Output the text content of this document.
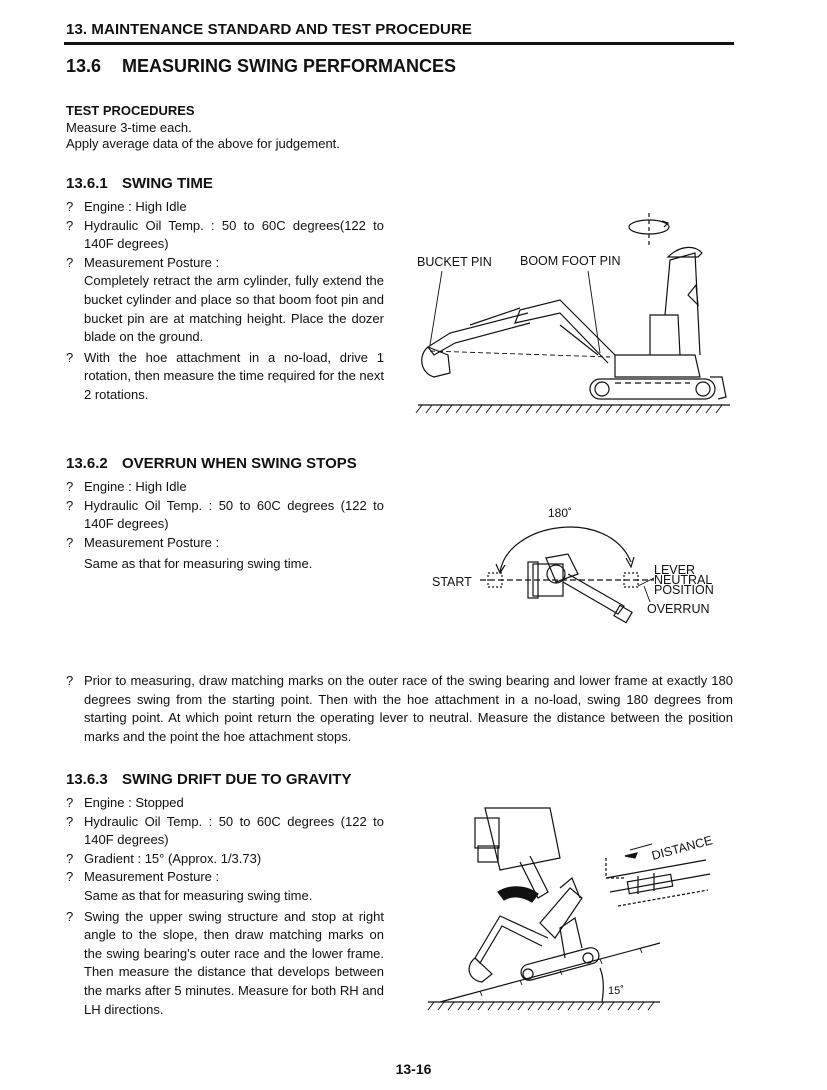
13. MAINTENANCE STANDARD AND TEST PROCEDURE
13.6 MEASURING SWING PERFORMANCES
TEST PROCEDURES
Measure 3-time each.
Apply average data of the above for judgement.
13.6.1 SWING TIME

? Engine : High Idle

? Hydraulic Oil Temp. : 50 to 60C degrees(122 to 140F degrees)

? Measurement Posture :

Completely retract the arm cylinder, fully extend the bucket cylinder and place so that boom foot pin and bucket pin are at matching height. Place the dozer blade on the ground.

? With the hoe attachment in a no-load, drive 1 rotation, then measure the time required for the next 2 rotations.

BUCKET PIN BOOM FOOT PIN
13.6.2 OVERRUN WHEN SWING STOPS

? Engine : High Idle

? Hydraulic Oil Temp. : 50 to 60C degrees (122 to 140F degrees)

? Measurement Posture :

Same as that for measuring swing time.

180˚
START
LEVER
NEUTRAL
POSITION
OVERRUN

? Prior to measuring, draw matching marks on the outer race of the swing bearing and lower frame at exactly 180 degrees swing from the starting point. Then with the hoe attachment in a no-load, swing 180 degrees from starting point. At which point return the operating lever to neutral. Measure the distance between the position marks and the point the hoe attachment stops.

13.6.3 SWING DRIFT DUE TO GRAVITY

? Engine : Stopped

? Hydraulic Oil Temp. : 50 to 60C degrees (122 to 140F degrees)

? Gradient : 15° (Approx. 1/3.73)

? Measurement Posture :

Same as that for measuring swing time.

? Swing the upper swing structure and stop at right angle to the slope, then draw matching marks on the swing bearing's outer race and the lower frame. Then measure the distance that develops between the marks after 5 minutes. Measure for both RH and LH directions.

DISTANCE
15˚
13-16
